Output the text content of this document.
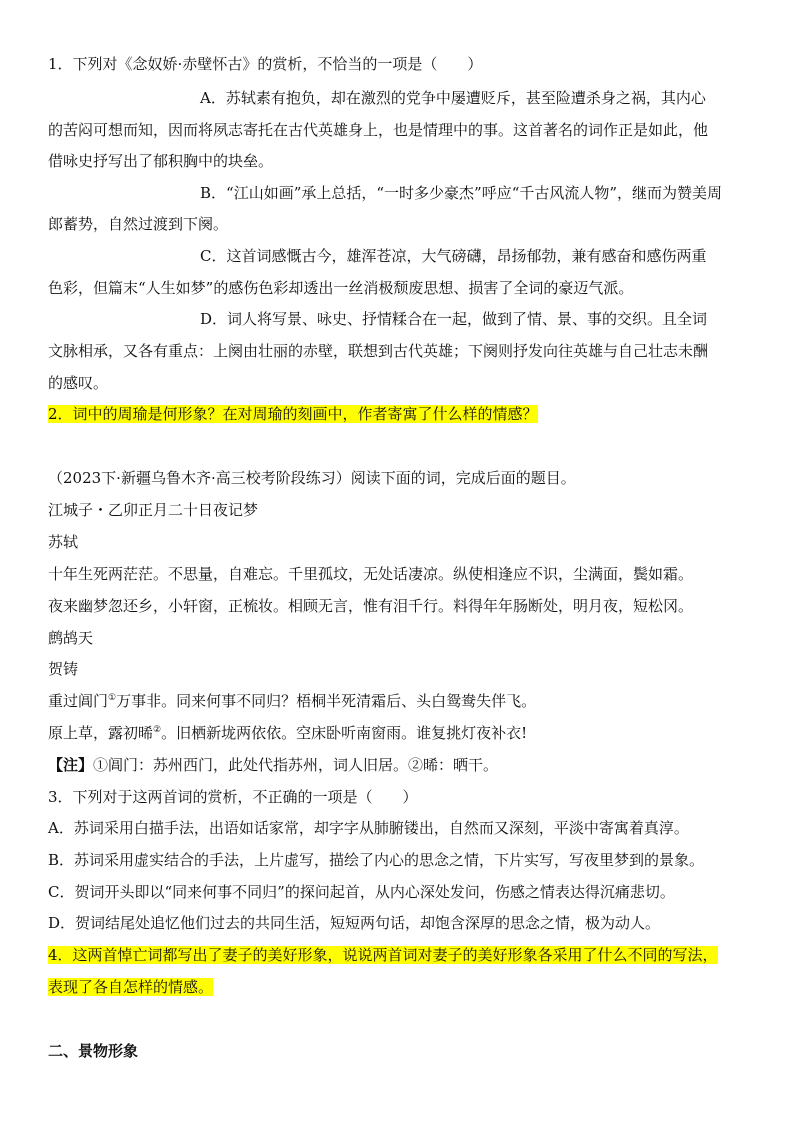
1．下列对《念奴娇·赤壁怀古》的赏析，不恰当的一项是（　　）
A．苏轼素有抱负，却在激烈的党争中屡遭贬斥，甚至险遭杀身之祸，其内心
的苦闷可想而知，因而将夙志寄托在古代英雄身上，也是情理中的事。这首著名的词作正是如此，他
借咏史抒写出了郁积胸中的块垒。
B．“江山如画”承上总括，“一时多少豪杰”呼应“千古风流人物”，继而为赞美周
郎蓄势，自然过渡到下阕。
C．这首词感慨古今，雄浑苍凉，大气磅礴，昂扬郁勃，兼有感奋和感伤两重
色彩，但篇末“人生如梦”的感伤色彩却透出一丝消极颓废思想、损害了全词的豪迈气派。
D．词人将写景、咏史、抒情糅合在一起，做到了情、景、事的交织。且全词
文脉相承，又各有重点：上阕由壮丽的赤壁，联想到古代英雄；下阕则抒发向往英雄与自己壮志未酬
的感叹。
2．词中的周瑜是何形象？在对周瑜的刻画中，作者寄寓了什么样的情感？
（2023下·新疆乌鲁木齐·高三校考阶段练习）阅读下面的词，完成后面的题目。
江城子・乙卯正月二十日夜记梦
苏轼
十年生死两茫茫。不思量，自难忘。千里孤坟，无处话凄凉。纵使相逢应不识，尘满面，鬓如霜。
夜来幽梦忽还乡，小轩窗，正梳妆。相顾无言，惟有泪千行。料得年年肠断处，明月夜，短松冈。
鹧鸪天
贺铸
重过阊门①万事非。同来何事不同归？梧桐半死清霜后、头白鸳鸯失伴飞。
原上草，露初晞②。旧栖新垅两依依。空床卧听南窗雨。谁复挑灯夜补衣!
【注】①阊门：苏州西门，此处代指苏州，词人旧居。②晞：晒干。
3．下列对于这两首词的赏析，不正确的一项是（　　）
A．苏词采用白描手法，出语如话家常，却字字从肺腑镂出，自然而又深刻，平淡中寄寓着真淳。
B．苏词采用虚实结合的手法，上片虚写，描绘了内心的思念之情，下片实写，写夜里梦到的景象。
C．贺词开头即以“同来何事不同归”的探问起首，从内心深处发问，伤感之情表达得沉痛悲切。
D．贺词结尾处追忆他们过去的共同生活，短短两句话，却饱含深厚的思念之情，极为动人。
4．这两首悼亡词都写出了妻子的美好形象，说说两首词对妻子的美好形象各采用了什么不同的写法，
表现了各自怎样的情感。
二、景物形象
